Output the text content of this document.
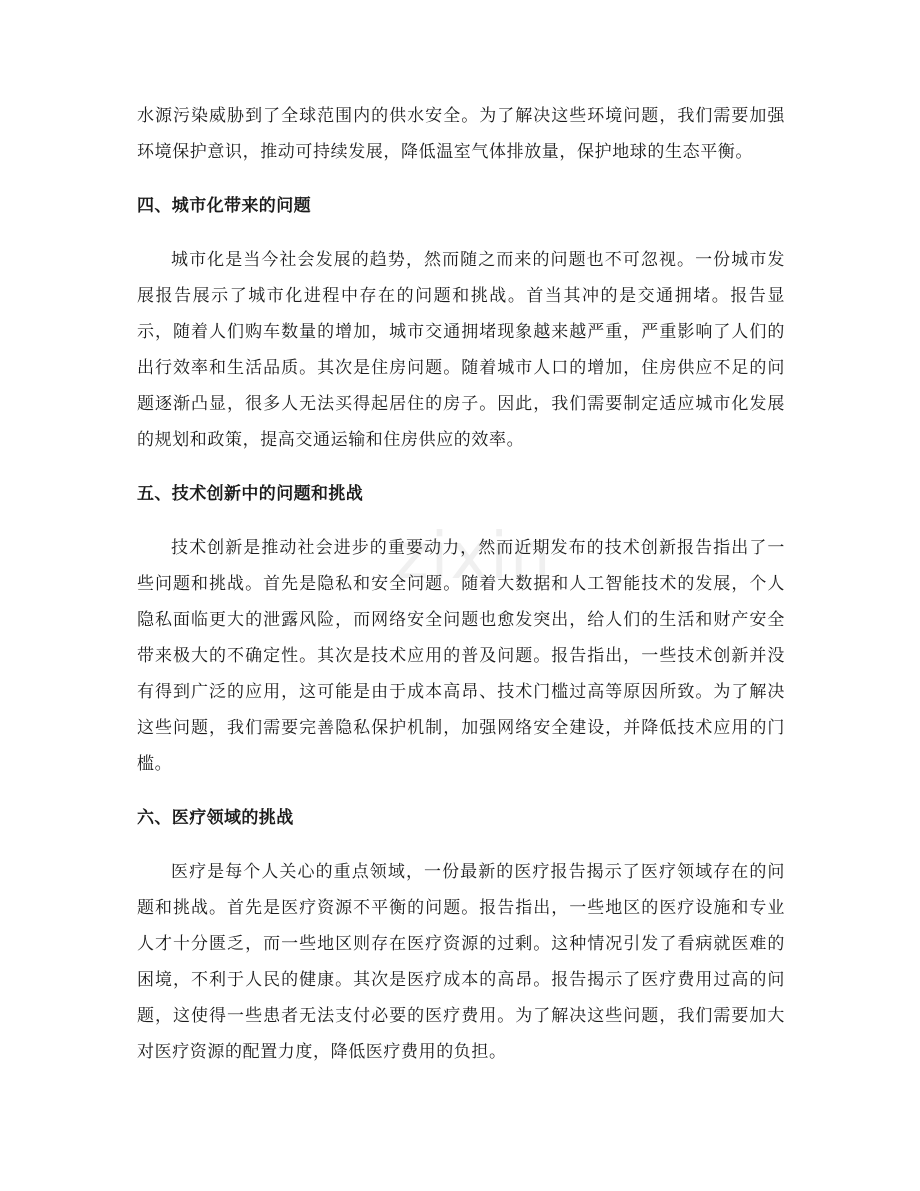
zixin

水源污染威胁到了全球范围内的供水安全。为了解决这些环境问题，我们需要加强环境保护意识，推动可持续发展，降低温室气体排放量，保护地球的生态平衡。

四、城市化带来的问题

城市化是当今社会发展的趋势，然而随之而来的问题也不可忽视。一份城市发展报告展示了城市化进程中存在的问题和挑战。首当其冲的是交通拥堵。报告显示，随着人们购车数量的增加，城市交通拥堵现象越来越严重，严重影响了人们的出行效率和生活品质。其次是住房问题。随着城市人口的增加，住房供应不足的问题逐渐凸显，很多人无法买得起居住的房子。因此，我们需要制定适应城市化发展的规划和政策，提高交通运输和住房供应的效率。

五、技术创新中的问题和挑战

技术创新是推动社会进步的重要动力，然而近期发布的技术创新报告指出了一些问题和挑战。首先是隐私和安全问题。随着大数据和人工智能技术的发展，个人隐私面临更大的泄露风险，而网络安全问题也愈发突出，给人们的生活和财产安全带来极大的不确定性。其次是技术应用的普及问题。报告指出，一些技术创新并没有得到广泛的应用，这可能是由于成本高昂、技术门槛过高等原因所致。为了解决这些问题，我们需要完善隐私保护机制，加强网络安全建设，并降低技术应用的门槛。

六、医疗领域的挑战

医疗是每个人关心的重点领域，一份最新的医疗报告揭示了医疗领域存在的问题和挑战。首先是医疗资源不平衡的问题。报告指出，一些地区的医疗设施和专业人才十分匮乏，而一些地区则存在医疗资源的过剩。这种情况引发了看病就医难的困境，不利于人民的健康。其次是医疗成本的高昂。报告揭示了医疗费用过高的问题，这使得一些患者无法支付必要的医疗费用。为了解决这些问题，我们需要加大对医疗资源的配置力度，降低医疗费用的负担。
